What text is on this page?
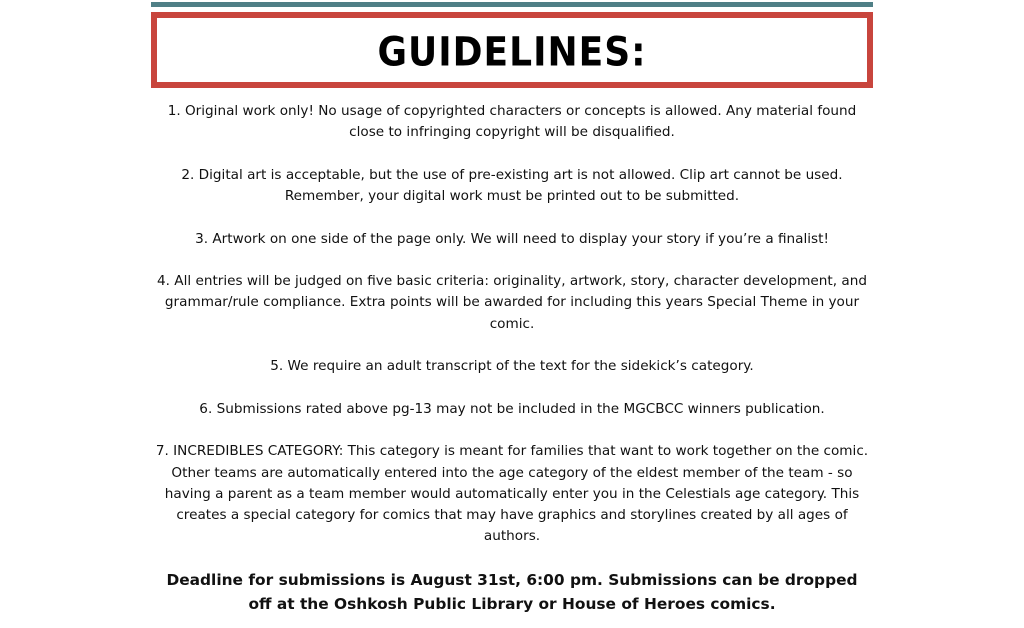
GUIDELINES:
1. Original work only! No usage of copyrighted characters or concepts is allowed. Any material found close to infringing copyright will be disqualified.
2. Digital art is acceptable, but the use of pre-existing art is not allowed. Clip art cannot be used. Remember, your digital work must be printed out to be submitted.
3. Artwork on one side of the page only. We will need to display your story if you’re a finalist!
4. All entries will be judged on five basic criteria: originality, artwork, story, character development, and grammar/rule compliance. Extra points will be awarded for including this years Special Theme in your comic.
5. We require an adult transcript of the text for the sidekick’s category.
6. Submissions rated above pg-13 may not be included in the MGCBCC winners publication.
7. INCREDIBLES CATEGORY: This category is meant for families that want to work together on the comic. Other teams are automatically entered into the age category of the eldest member of the team - so having a parent as a team member would automatically enter you in the Celestials age category. This creates a special category for comics that may have graphics and storylines created by all ages of authors.
Deadline for submissions is August 31st, 6:00 pm. Submissions can be dropped off at the Oshkosh Public Library or House of Heroes comics.
